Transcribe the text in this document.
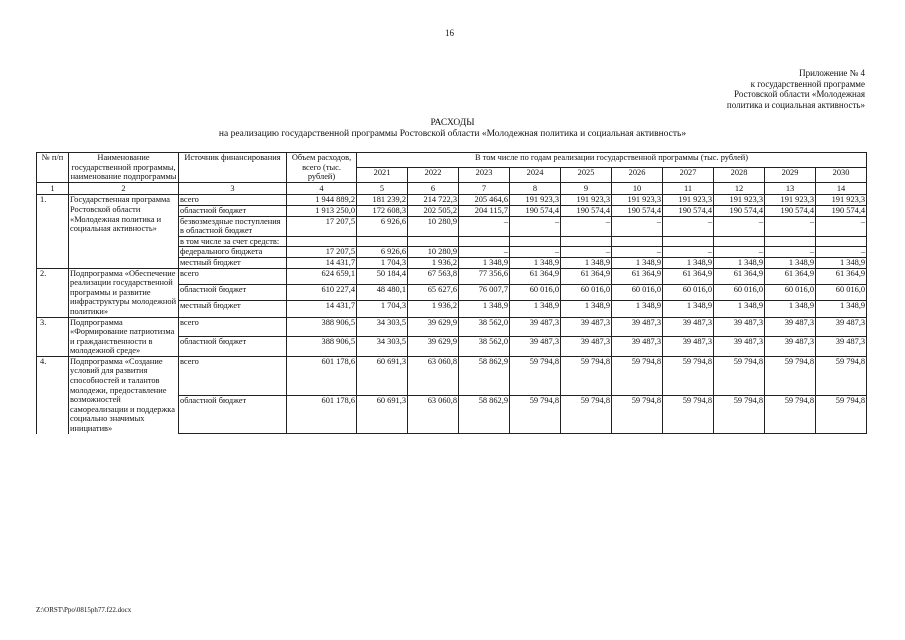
16
Приложение № 4
к государственной программе
Ростовской области «Молодежная
политика и социальная активность»
РАСХОДЫ
на реализацию государственной программы Ростовской области «Молодежная политика и социальная активность»
№ п/п	Наименование государственной программы, наименование подпрограммы	Источник финансирования	Объем расходов, всего (тыс. рублей)	В том числе по годам реализации государственной программы (тыс. рублей)									
				2021	2022	2023	2024	2025	2026	2027	2028	2029	2030
1	2	3	4	5	6	7	8	9	10	11	12	13	14
1.	Государственная программа Ростовской области «Молодежная политика и социальная активность»	всего	1 944 889,2	181 239,2	214 722,3	205 464,6	191 923,3	191 923,3	191 923,3	191 923,3	191 923,3	191 923,3	191 923,3
		областной бюджет	1 913 250,0	172 608,3	202 505,2	204 115,7	190 574,4	190 574,4	190 574,4	190 574,4	190 574,4	190 574,4	190 574,4
		безвозмездные поступления в областной бюджет	17 207,5	6 926,6	10 280,9	–	–	–	–	–	–	–	–
		в том числе за счет средств:											
		федерального бюджета	17 207,5	6 926,6	10 280,9	–	–	–	–	–	–	–	–
		местный бюджет	14 431,7	1 704,3	1 936,2	1 348,9	1 348,9	1 348,9	1 348,9	1 348,9	1 348,9	1 348,9	1 348,9
2.	Подпрограмма «Обеспечение реализации государственной программы и развитие инфраструктуры молодежной политики»	всего	624 659,1	50 184,4	67 563,8	77 356,6	61 364,9	61 364,9	61 364,9	61 364,9	61 364,9	61 364,9	61 364,9
		областной бюджет	610 227,4	48 480,1	65 627,6	76 007,7	60 016,0	60 016,0	60 016,0	60 016,0	60 016,0	60 016,0	60 016,0
		местный бюджет	14 431,7	1 704,3	1 936,2	1 348,9	1 348,9	1 348,9	1 348,9	1 348,9	1 348,9	1 348,9	1 348,9
3.	Подпрограмма «Формирование патриотизма и гражданственности в молодежной среде»	всего	388 906,5	34 303,5	39 629,9	38 562,0	39 487,3	39 487,3	39 487,3	39 487,3	39 487,3	39 487,3	39 487,3
		областной бюджет	388 906,5	34 303,5	39 629,9	38 562,0	39 487,3	39 487,3	39 487,3	39 487,3	39 487,3	39 487,3	39 487,3
4.	Подпрограмма «Создание условий для развития способностей и талантов молодежи, предоставление возможностей самореализации и поддержка социально значимых инициатив»	всего	601 178,6	60 691,3	63 060,8	58 862,9	59 794,8	59 794,8	59 794,8	59 794,8	59 794,8	59 794,8	59 794,8
		областной бюджет	601 178,6	60 691,3	63 060,8	58 862,9	59 794,8	59 794,8	59 794,8	59 794,8	59 794,8	59 794,8	59 794,8
Z:\ORST\Ppo\0815ph77.f22.docx
